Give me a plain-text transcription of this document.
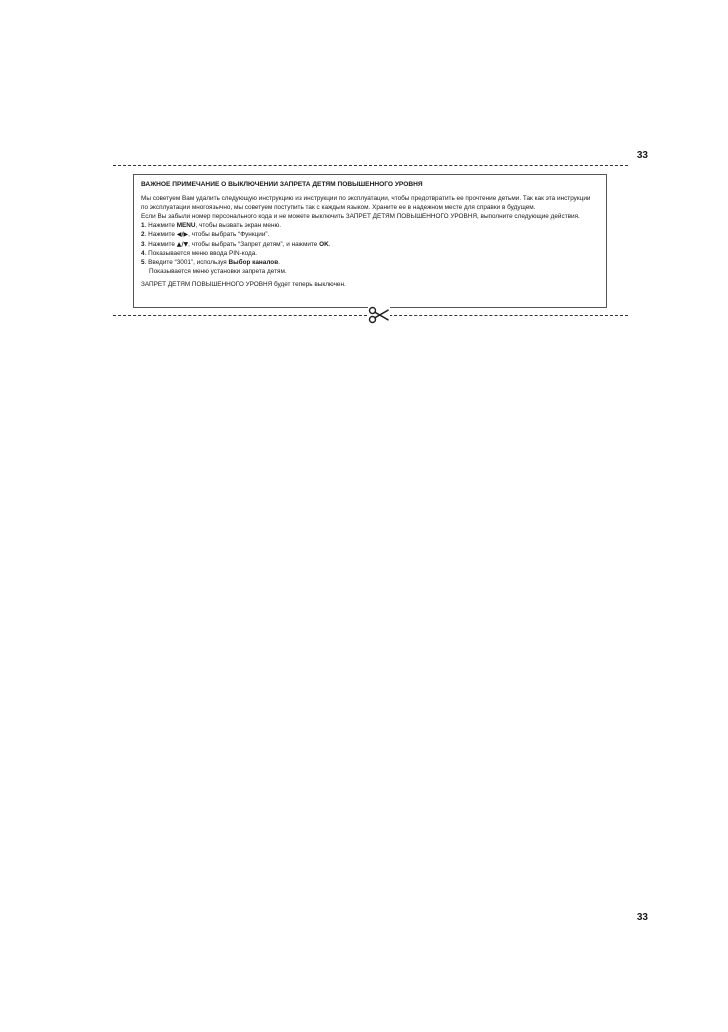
33
ВАЖНОЕ ПРИМЕЧАНИЕ О ВЫКЛЮЧЕНИИ ЗАПРЕТА ДЕТЯМ ПОВЫШЕННОГО УРОВНЯ

Мы советуем Вам удалить следующую инструкцию из инструкции по эксплуатации, чтобы предотвратить ее прочтение детьми. Так как эта инструкции по эксплуатации многоязычно, мы советуем поступить так с каждым языком. Храните ее в надежном месте для справки в будущем.

Если Вы забыли номер персонального кода и не можете выключить ЗАПРЕТ ДЕТЯМ ПОВЫШЕННОГО УРОВНЯ, выполните следующие действия.

1. Нажмите MENU, чтобы вызвать экран меню.
2. Нажмите ◀/▶, чтобы выбрать “Функции”.
3. Нажмите ▲/▼, чтобы выбрать “Запрет детям”, и нажмите OK.
4. Показывается меню ввода PIN-кода.
5. Введите “3001”, используя Выбор каналов.
Показывается меню установки запрета детям.

ЗАПРЕТ ДЕТЯМ ПОВЫШЕННОГО УРОВНЯ будет теперь выключен.

33
